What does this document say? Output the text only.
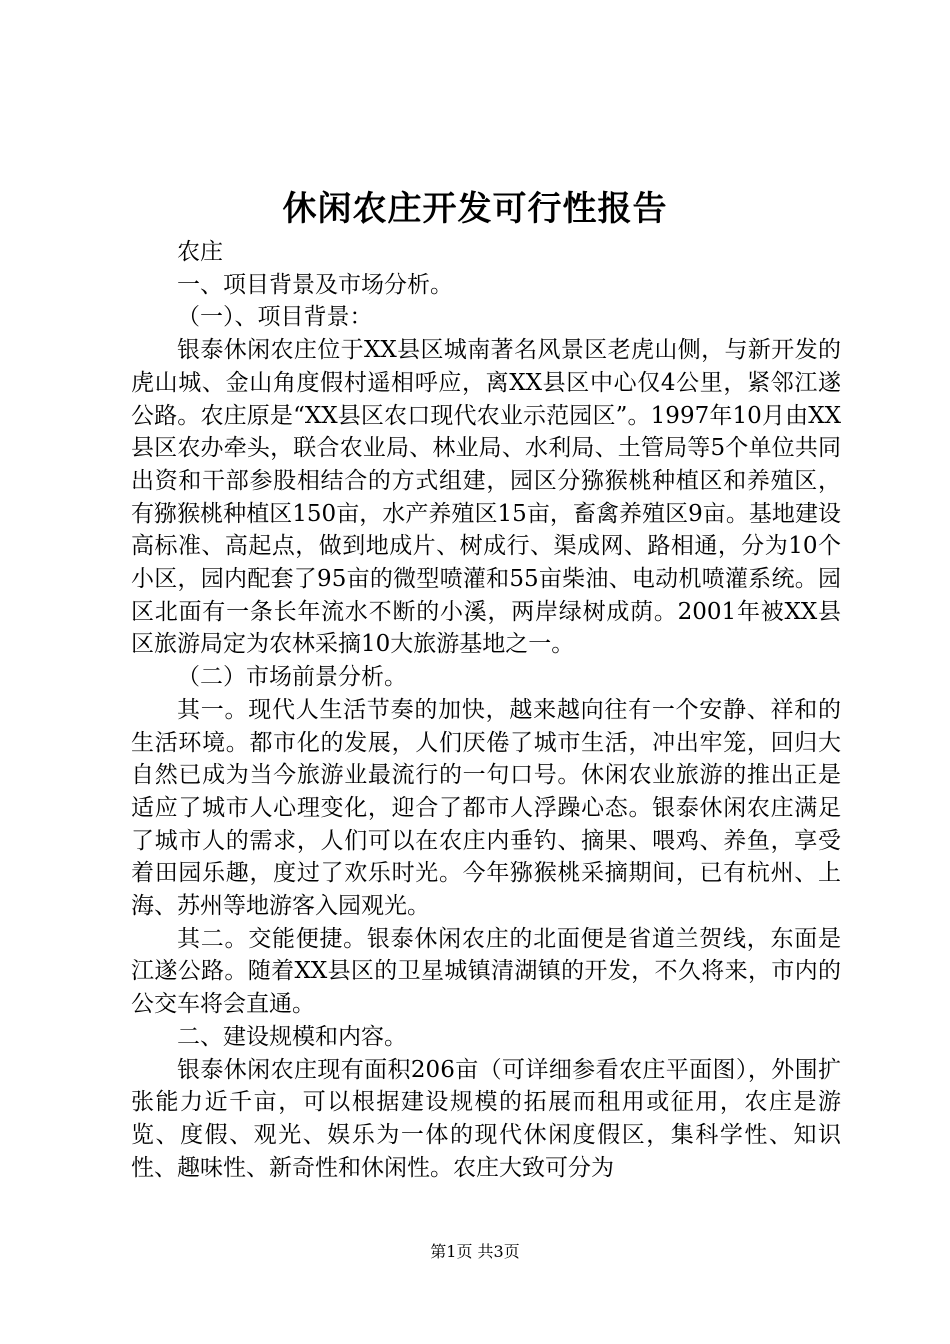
休闲农庄开发可行性报告

农庄

一、项目背景及市场分析。

（一）、项目背景：

银泰休闲农庄位于XX县区城南著名风景区老虎山侧，与新开发的虎山城、金山角度假村遥相呼应，离XX县区中心仅4公里，紧邻江遂公路。农庄原是“XX县区农口现代农业示范园区”。1997年10月由XX县区农办牵头，联合农业局、林业局、水利局、土管局等5个单位共同出资和干部参股相结合的方式组建，园区分猕猴桃种植区和养殖区，有猕猴桃种植区150亩，水产养殖区15亩，畜禽养殖区9亩。基地建设高标准、高起点，做到地成片、树成行、渠成网、路相通，分为10个小区，园内配套了95亩的微型喷灌和55亩柴油、电动机喷灌系统。园区北面有一条长年流水不断的小溪，两岸绿树成荫。2001年被XX县区旅游局定为农林采摘10大旅游基地之一。

（二）市场前景分析。

其一。现代人生活节奏的加快，越来越向往有一个安静、祥和的生活环境。都市化的发展，人们厌倦了城市生活，冲出牢笼，回归大自然已成为当今旅游业最流行的一句口号。休闲农业旅游的推出正是适应了城市人心理变化，迎合了都市人浮躁心态。银泰休闲农庄满足了城市人的需求，人们可以在农庄内垂钓、摘果、喂鸡、养鱼，享受着田园乐趣，度过了欢乐时光。今年猕猴桃采摘期间，已有杭州、上海、苏州等地游客入园观光。

其二。交能便捷。银泰休闲农庄的北面便是省道兰贺线，东面是江遂公路。随着XX县区的卫星城镇清湖镇的开发，不久将来，市内的公交车将会直通。

二、建设规模和内容。

银泰休闲农庄现有面积206亩（可详细参看农庄平面图），外围扩张能力近千亩，可以根据建设规模的拓展而租用或征用，农庄是游览、度假、观光、娱乐为一体的现代休闲度假区，集科学性、知识性、趣味性、新奇性和休闲性。农庄大致可分为

第1页 共3页
